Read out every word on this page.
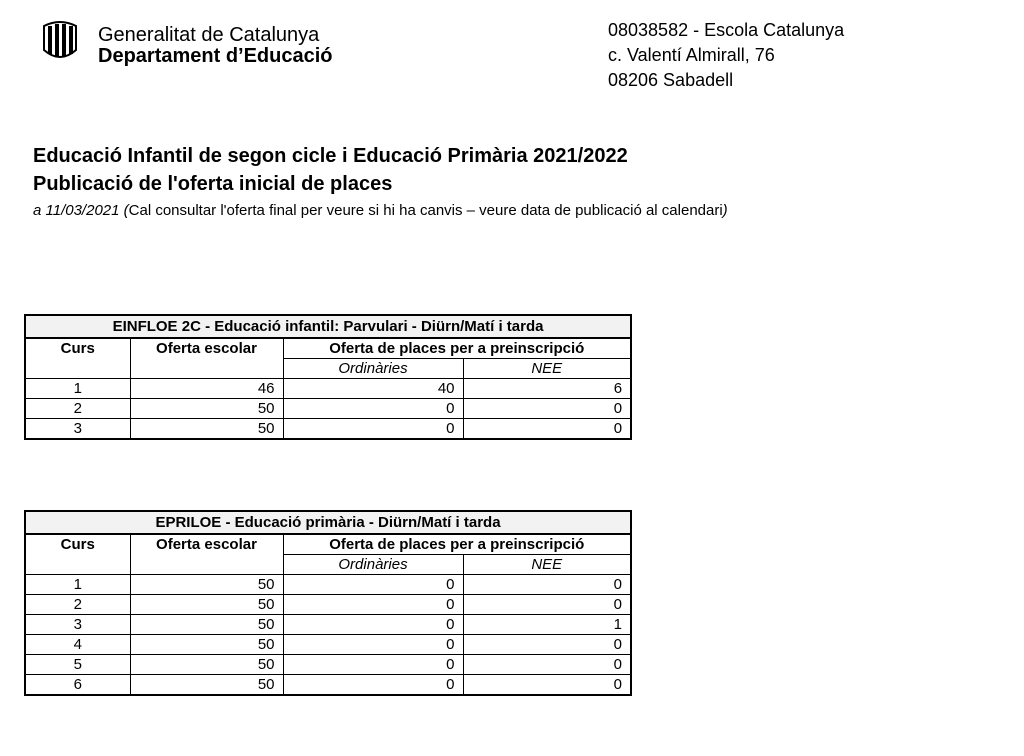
Generalitat de Catalunya
Departament d’Educació
08038582 - Escola Catalunya
c. Valentí Almirall, 76
08206 Sabadell
Educació Infantil de segon cicle i Educació Primària 2021/2022
Publicació de l'oferta inicial de places
a 11/03/2021 (Cal consultar l'oferta final per veure si hi ha canvis – veure data de publicació al calendari)
EINFLOE 2C - Educació infantil: Parvulari - Diürn/Matí i tarda			
Curs	Oferta escolar	Oferta de places per a preinscripció	
		Ordinàries	NEE
1	46	40	6
2	50	0	0
3	50	0	0
EPRILOE - Educació primària - Diürn/Matí i tarda			
Curs	Oferta escolar	Oferta de places per a preinscripció	
		Ordinàries	NEE
1	50	0	0
2	50	0	0
3	50	0	1
4	50	0	0
5	50	0	0
6	50	0	0
